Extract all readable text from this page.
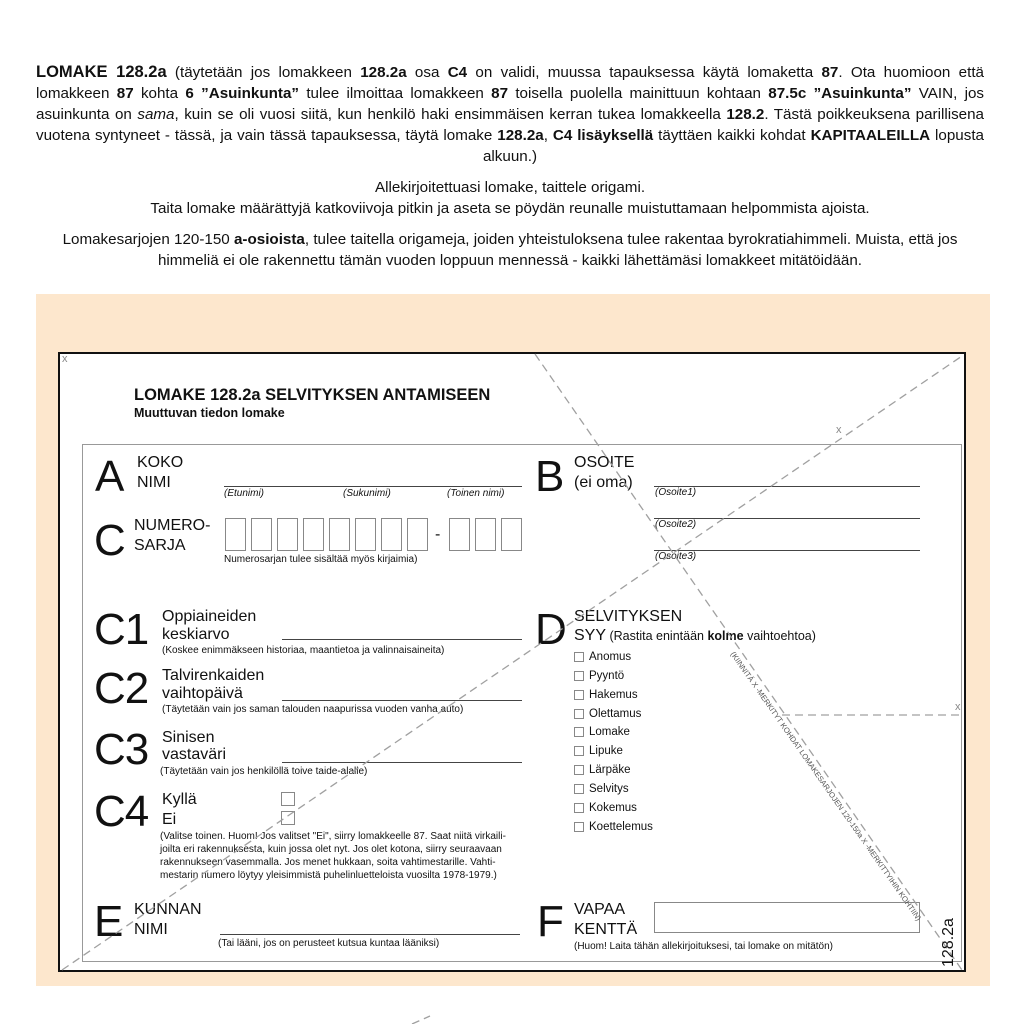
LOMAKE 128.2a (täytetään jos lomakkeen 128.2a osa C4 on validi, muussa tapauksessa käytä lomaketta 87. Ota huomioon että lomakkeen 87 kohta 6 ”Asuinkunta” tulee ilmoittaa lomakkeen 87 toisella puolella mainittuun kohtaan 87.5c ”Asuinkunta” VAIN, jos asuinkunta on sama, kuin se oli vuosi siitä, kun henkilö haki ensimmäisen kerran tukea lomakkeella 128.2. Tästä poikkeuksena parillisena vuotena syntyneet - tässä, ja vain tässä tapauksessa, täytä lomake 128.2a, C4 lisäyksellä täyttäen kaikki kohdat KAPITAALEILLA lopusta alkuun.)

Allekirjoitettuasi lomake, taittele origami.
Taita lomake määrättyjä katkoviivoja pitkin ja aseta se pöydän reunalle muistuttamaan helpommista ajoista.

Lomakesarjojen 120-150 a-osioista, tulee taitella origameja, joiden yhteistuloksena tulee rakentaa byrokratiahimmeli. Muista, että jos himmeliä ei ole rakennettu tämän vuoden loppuun mennessä - kaikki lähettämäsi lomakkeet mitätöidään.

LOMAKE 128.2a SELVITYKSEN ANTAMISEEN
Muuttuvan tiedon lomake
A KOKO
NIMI
(Etunimi)	(Sukunimi)	(Toinen nimi) B OSOITE
(ei oma)
(Osoite1)
(Osoite2)
(Osoite3)
C NUMERO-
SARJA
-
Numerosarjan tulee sisältää myös kirjaimia)
C1 Oppiaineiden
keskiarvo
(Koskee enimmäkseen historiaa, maantietoa ja valinnaisaineita)
C2 Talvirenkaiden
vaihtopäivä
(Täytetään vain jos saman talouden naapurissa vuoden vanha auto)
C3 Sinisen
vastaväri
(Täytetään vain jos henkilöllä toive taide-alalle)
C4 Kyllä
Ei
(Valitse toinen. Huom! Jos valitset "Ei", siirry lomakkeelle 87. Saat niitä virkaili-
joilta eri rakennuksesta, kuin jossa olet nyt. Jos olet kotona, siirry seuraavaan
rakennukseen vasemmalla. Jos menet hukkaan, soita vahtimestarille. Vahti-
mestarin numero löytyy yleisimmistä puhelinluetteloista vuosilta 1978-1979.)
D SELVITYKSEN
SYY (Rastita enintään kolme vaihtoehtoa)
Anomus
Pyyntö
Hakemus
Olettamus
Lomake
Lipuke
Lärpäke
Selvitys
Kokemus
Koettelemus
E KUNNAN
NIMI
(Tai lääni, jos on perusteet kutsua kuntaa lääniksi) F VAPAA
KENTTÄ
(Huom! Laita tähän allekirjoituksesi, tai lomake on mitätön)
x
x
x
(KIINNITÄ X -MERKITYT KOHDAT LOMAKESARJOJEN 120-150a X -MERKITTYIHIN KOHTIIN)
128.2a
